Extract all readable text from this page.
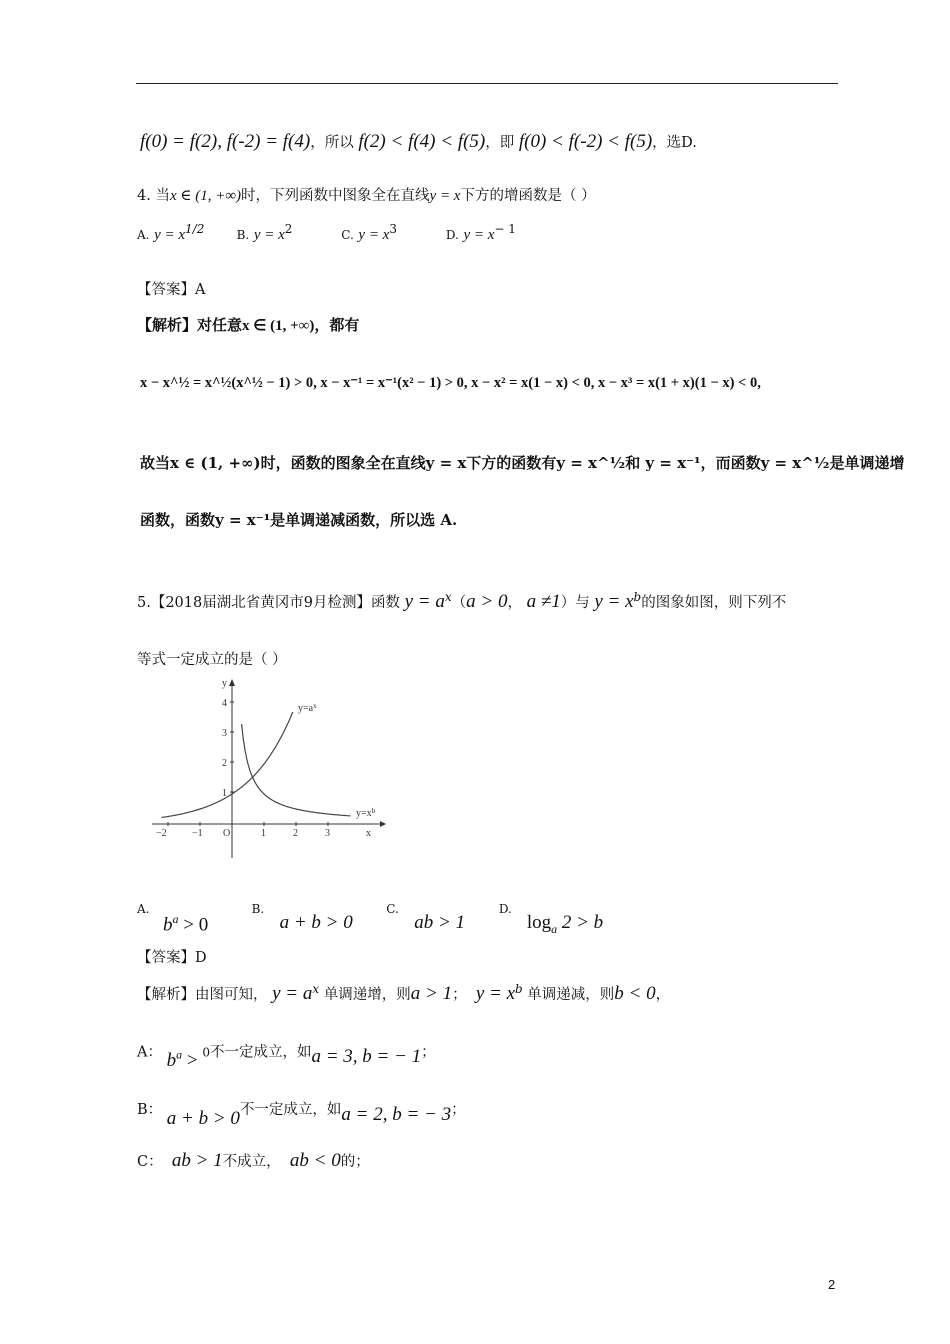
f(0) = f(2), f(-2) = f(4)，所以 f(2) < f(4) < f(5)，即 f(0) < f(-2) < f(5)，选D.
4. 当x ∈ (1, +∞)时，下列函数中图象全在直线y = x下方的增函数是（ ）
A. $y = x^{1/2}$	B. $y = x^2$	C. $y = x^3$	D. $y = x^{- 1}$
【答案】A
【解析】对任意x ∈ (1, +∞)，都有
x − x^½ = x^½(x^½ − 1) > 0, x − x⁻¹ = x⁻¹(x² − 1) > 0, x − x² = x(1 − x) < 0, x − x³ = x(1 + x)(1 − x) < 0,
故当x ∈ (1, +∞)时，函数的图象全在直线y = x下方的函数有y = x^½和 y = x⁻¹，而函数y = x^½是单调递增
函数，函数y = x⁻¹是单调递减函数，所以选 A.
5.【2018届湖北省黄冈市9月检测】函数 $y = a^x(a > 0$， a ≠1）与 $y = x^b$的图象如图，则下列不
等式一定成立的是（ ）
−2	−1 O	1	2	3
1
2
3
4
y
x
$y=a^x$
$y=x^b$
A.
$b^a > 0$

B.
a + b > 0

C.
ab > 1

D.
$\log_a 2 > b$
【答案】D
【解析】由图可知， $y = a^x$ 单调递增，则a > 1； $y = x^b$ 单调递减，则b < 0，
A： $b^a > 0$不一定成立，如a = 3, b = − 1；
B： a + b > 0不一定成立，如a = 2, b = − 3；
C： ab > 1不成立， ab < 0的；
2
